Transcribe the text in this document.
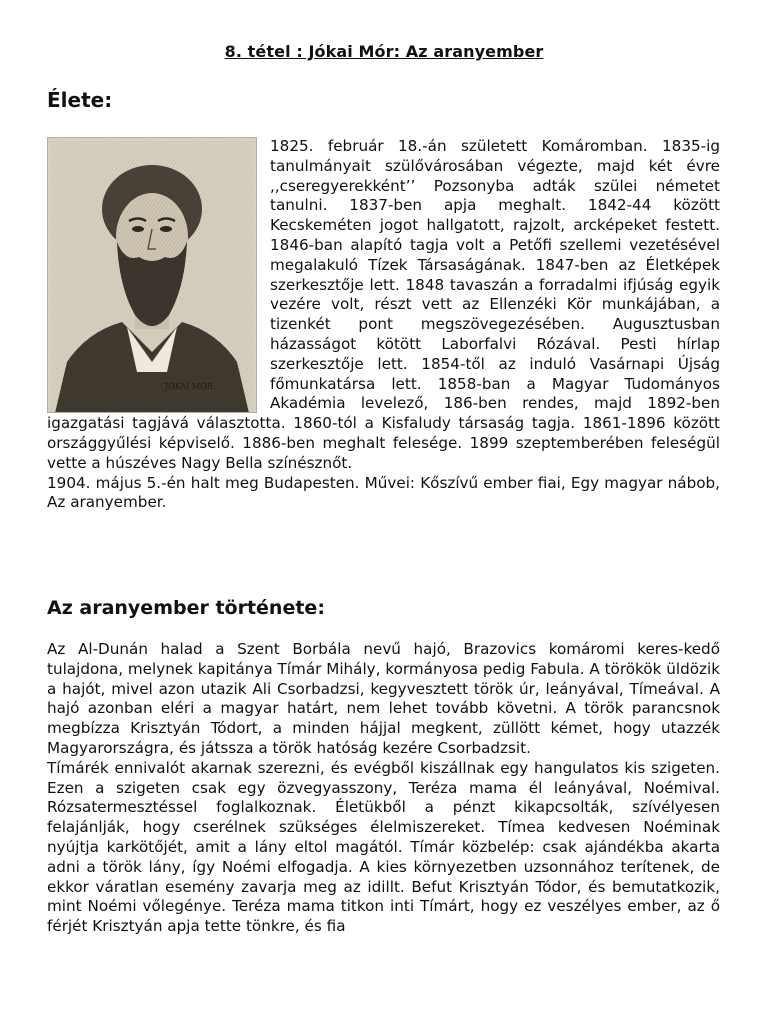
8. tétel : Jókai Mór: Az aranyember
Élete:
JÓKAI MÓR.

1825. február 18.-án született Komáromban. 1835-ig tanulmányait szülővárosában végezte, majd két évre ,,cseregyerekként’’ Pozsonyba adták szülei németet tanulni. 1837-ben apja meghalt. 1842-44 között Kecskeméten jogot hallgatott, rajzolt, arcképeket festett. 1846-ban alapító tagja volt a Petőfi szellemi vezetésével megalakuló Tízek Társaságának. 1847-ben az Életképek szerkesztője lett. 1848 tavaszán a forradalmi ifjúság egyik vezére volt, részt vett az Ellenzéki Kör munkájában, a tizenkét pont megszövegezésében. Augusztusban házasságot kötött Laborfalvi Rózával. Pesti hírlap szerkesztője lett. 1854-től az induló Vasárnapi Újság főmunkatársa lett. 1858-ban a Magyar Tudományos Akadémia levelező, 186-ben rendes, majd 1892-ben igazgatási tagjává választotta. 1860-tól a Kisfaludy társaság tagja. 1861-1896 között országgyűlési képviselő. 1886-ben meghalt felesége. 1899 szeptemberében feleségül vette a húszéves Nagy Bella színésznőt.

1904. május 5.-én halt meg Budapesten. Művei: Kőszívű ember fiai, Egy magyar nábob,

Az aranyember.

Az aranyember története:

Az Al-Dunán halad a Szent Borbála nevű hajó, Brazovics komáromi keres-kedő tulajdona, melynek kapitánya Tímár Mihály, kormányosa pedig Fabula. A törökök üldözik a hajót, mivel azon utazik Ali Csorbadzsi, kegyvesztett török úr, leányával, Tímeával. A hajó azonban eléri a magyar határt, nem lehet tovább követni. A török parancsnok megbízza Krisztyán Tódort, a minden hájjal megkent, züllött kémet, hogy utazzék Magyarországra, és játssza a török hatóság kezére Csorbadzsit.

Tímárék ennivalót akarnak szerezni, és evégből kiszállnak egy hangulatos kis szigeten. Ezen a szigeten csak egy özvegyasszony, Teréza mama él leányával, Noémival. Rózsatermesztéssel foglalkoznak. Életükből a pénzt kikapcsolták, szívélyesen felajánlják, hogy cserélnek szükséges élelmiszereket. Tímea kedvesen Noéminak nyújtja karkötőjét, amit a lány eltol magától. Tímár közbelép: csak ajándékba akarta adni a török lány, így Noémi elfogadja. A kies környezetben uzsonnához terítenek, de ekkor váratlan esemény zavarja meg az idillt. Befut Krisztyán Tódor, és bemutatkozik, mint Noémi vőlegénye. Teréza mama titkon inti Tímárt, hogy ez veszélyes ember, az ő férjét Krisztyán apja tette tönkre, és fia
